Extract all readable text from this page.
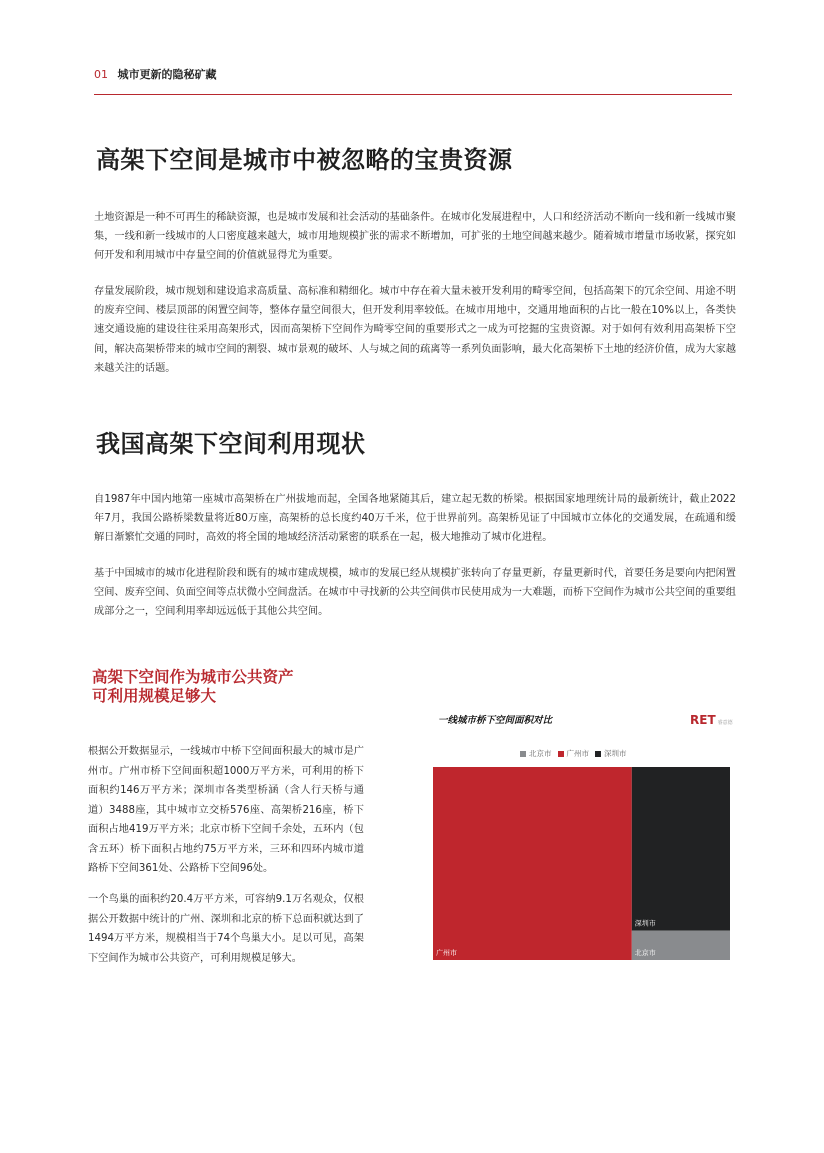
01 城市更新的隐秘矿藏
高架下空间是城市中被忽略的宝贵资源

土地资源是一种不可再生的稀缺资源，也是城市发展和社会活动的基础条件。在城市化发展进程中，人口和经济活动不断向一线和新一线城市聚集，一线和新一线城市的人口密度越来越大，城市用地规模扩张的需求不断增加，可扩张的土地空间越来越少。随着城市增量市场收紧，探究如何开发和利用城市中存量空间的价值就显得尤为重要。

存量发展阶段，城市规划和建设追求高质量、高标准和精细化。城市中存在着大量未被开发利用的畸零空间，包括高架下的冗余空间、用途不明的废弃空间、楼层顶部的闲置空间等，整体存量空间很大，但开发利用率较低。在城市用地中，交通用地面积的占比一般在10%以上，各类快速交通设施的建设往往采用高架形式，因而高架桥下空间作为畸零空间的重要形式之一成为可挖掘的宝贵资源。对于如何有效利用高架桥下空间，解决高架桥带来的城市空间的割裂、城市景观的破坏、人与城之间的疏离等一系列负面影响，最大化高架桥下土地的经济价值，成为大家越来越关注的话题。

我国高架下空间利用现状

自1987年中国内地第一座城市高架桥在广州拔地而起，全国各地紧随其后，建立起无数的桥梁。根据国家地理统计局的最新统计，截止2022年7月，我国公路桥梁数量将近80万座，高架桥的总长度约40万千米，位于世界前列。高架桥见证了中国城市立体化的交通发展，在疏通和缓解日渐繁忙交通的同时，高效的将全国的地域经济活动紧密的联系在一起，极大地推动了城市化进程。

基于中国城市的城市化进程阶段和既有的城市建成规模，城市的发展已经从规模扩张转向了存量更新，存量更新时代，首要任务是要向内把闲置空间、废弃空间、负面空间等点状微小空间盘活。在城市中寻找新的公共空间供市民使用成为一大难题，而桥下空间作为城市公共空间的重要组成部分之一，空间利用率却远远低于其他公共空间。

高架下空间作为城市公共资产
可利用规模足够大

根据公开数据显示，一线城市中桥下空间面积最大的城市是广州市。广州市桥下空间面积超1000万平方米，可利用的桥下面积约146万平方米；深圳市各类型桥涵（含人行天桥与通道）3488座，其中城市立交桥576座、高架桥216座，桥下面积占地419万平方米；北京市桥下空间千余处，五环内（包含五环）桥下面积占地约75万平方米，三环和四环内城市道路桥下空间361处、公路桥下空间96处。

一个鸟巢的面积约20.4万平方米，可容纳9.1万名观众，仅根据公开数据中统计的广州、深圳和北京的桥下总面积就达到了1494万平方米，规模相当于74个鸟巢大小。足以可见，高架下空间作为城市公共资产，可利用规模足够大。

一线城市桥下空间面积对比	RET 睿意德
北京市 广州市 深圳市
广州市
深圳市
北京市
